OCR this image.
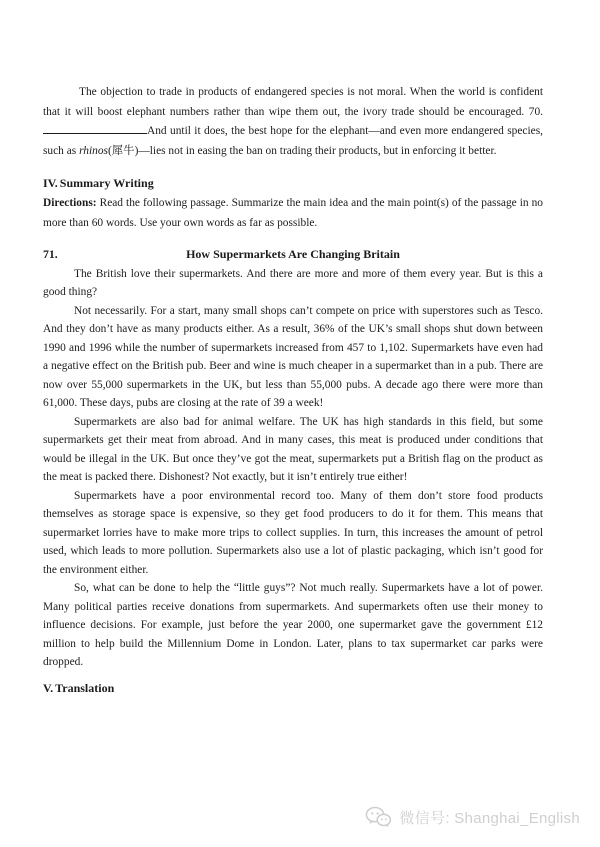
The objection to trade in products of endangered species is not moral. When the world is confident that it will boost elephant numbers rather than wipe them out, the ivory trade should be encouraged. 70.And until it does, the best hope for the elephant—and even more endangered species, such as rhinos(犀牛)—lies not in easing the ban on trading their products, but in enforcing it better.

IV. Summary Writing

Directions: Read the following passage. Summarize the main idea and the main point(s) of the passage in no more than 60 words. Use your own words as far as possible.

71.	How Supermarkets Are Changing Britain

The British love their supermarkets. And there are more and more of them every year. But is this a good thing?

Not necessarily. For a start, many small shops can’t compete on price with superstores such as Tesco. And they don’t have as many products either. As a result, 36% of the UK’s small shops shut down between 1990 and 1996 while the number of supermarkets increased from 457 to 1,102. Supermarkets have even had a negative effect on the British pub. Beer and wine is much cheaper in a supermarket than in a pub. There are now over 55,000 supermarkets in the UK, but less than 55,000 pubs. A decade ago there were more than 61,000. These days, pubs are closing at the rate of 39 a week!

Supermarkets are also bad for animal welfare. The UK has high standards in this field, but some supermarkets get their meat from abroad. And in many cases, this meat is produced under conditions that would be illegal in the UK. But once they’ve got the meat, supermarkets put a British flag on the product as the meat is packed there. Dishonest? Not exactly, but it isn’t entirely true either!

Supermarkets have a poor environmental record too. Many of them don’t store food products themselves as storage space is expensive, so they get food producers to do it for them. This means that supermarket lorries have to make more trips to collect supplies. In turn, this increases the amount of petrol used, which leads to more pollution. Supermarkets also use a lot of plastic packaging, which isn’t good for the environment either.

So, what can be done to help the “little guys”? Not much really. Supermarkets have a lot of power. Many political parties receive donations from supermarkets. And supermarkets often use their money to influence decisions. For example, just before the year 2000, one supermarket gave the government £12 million to help build the Millennium Dome in London. Later, plans to tax supermarket car parks were dropped.

V. Translation
微信号: Shanghai_English
